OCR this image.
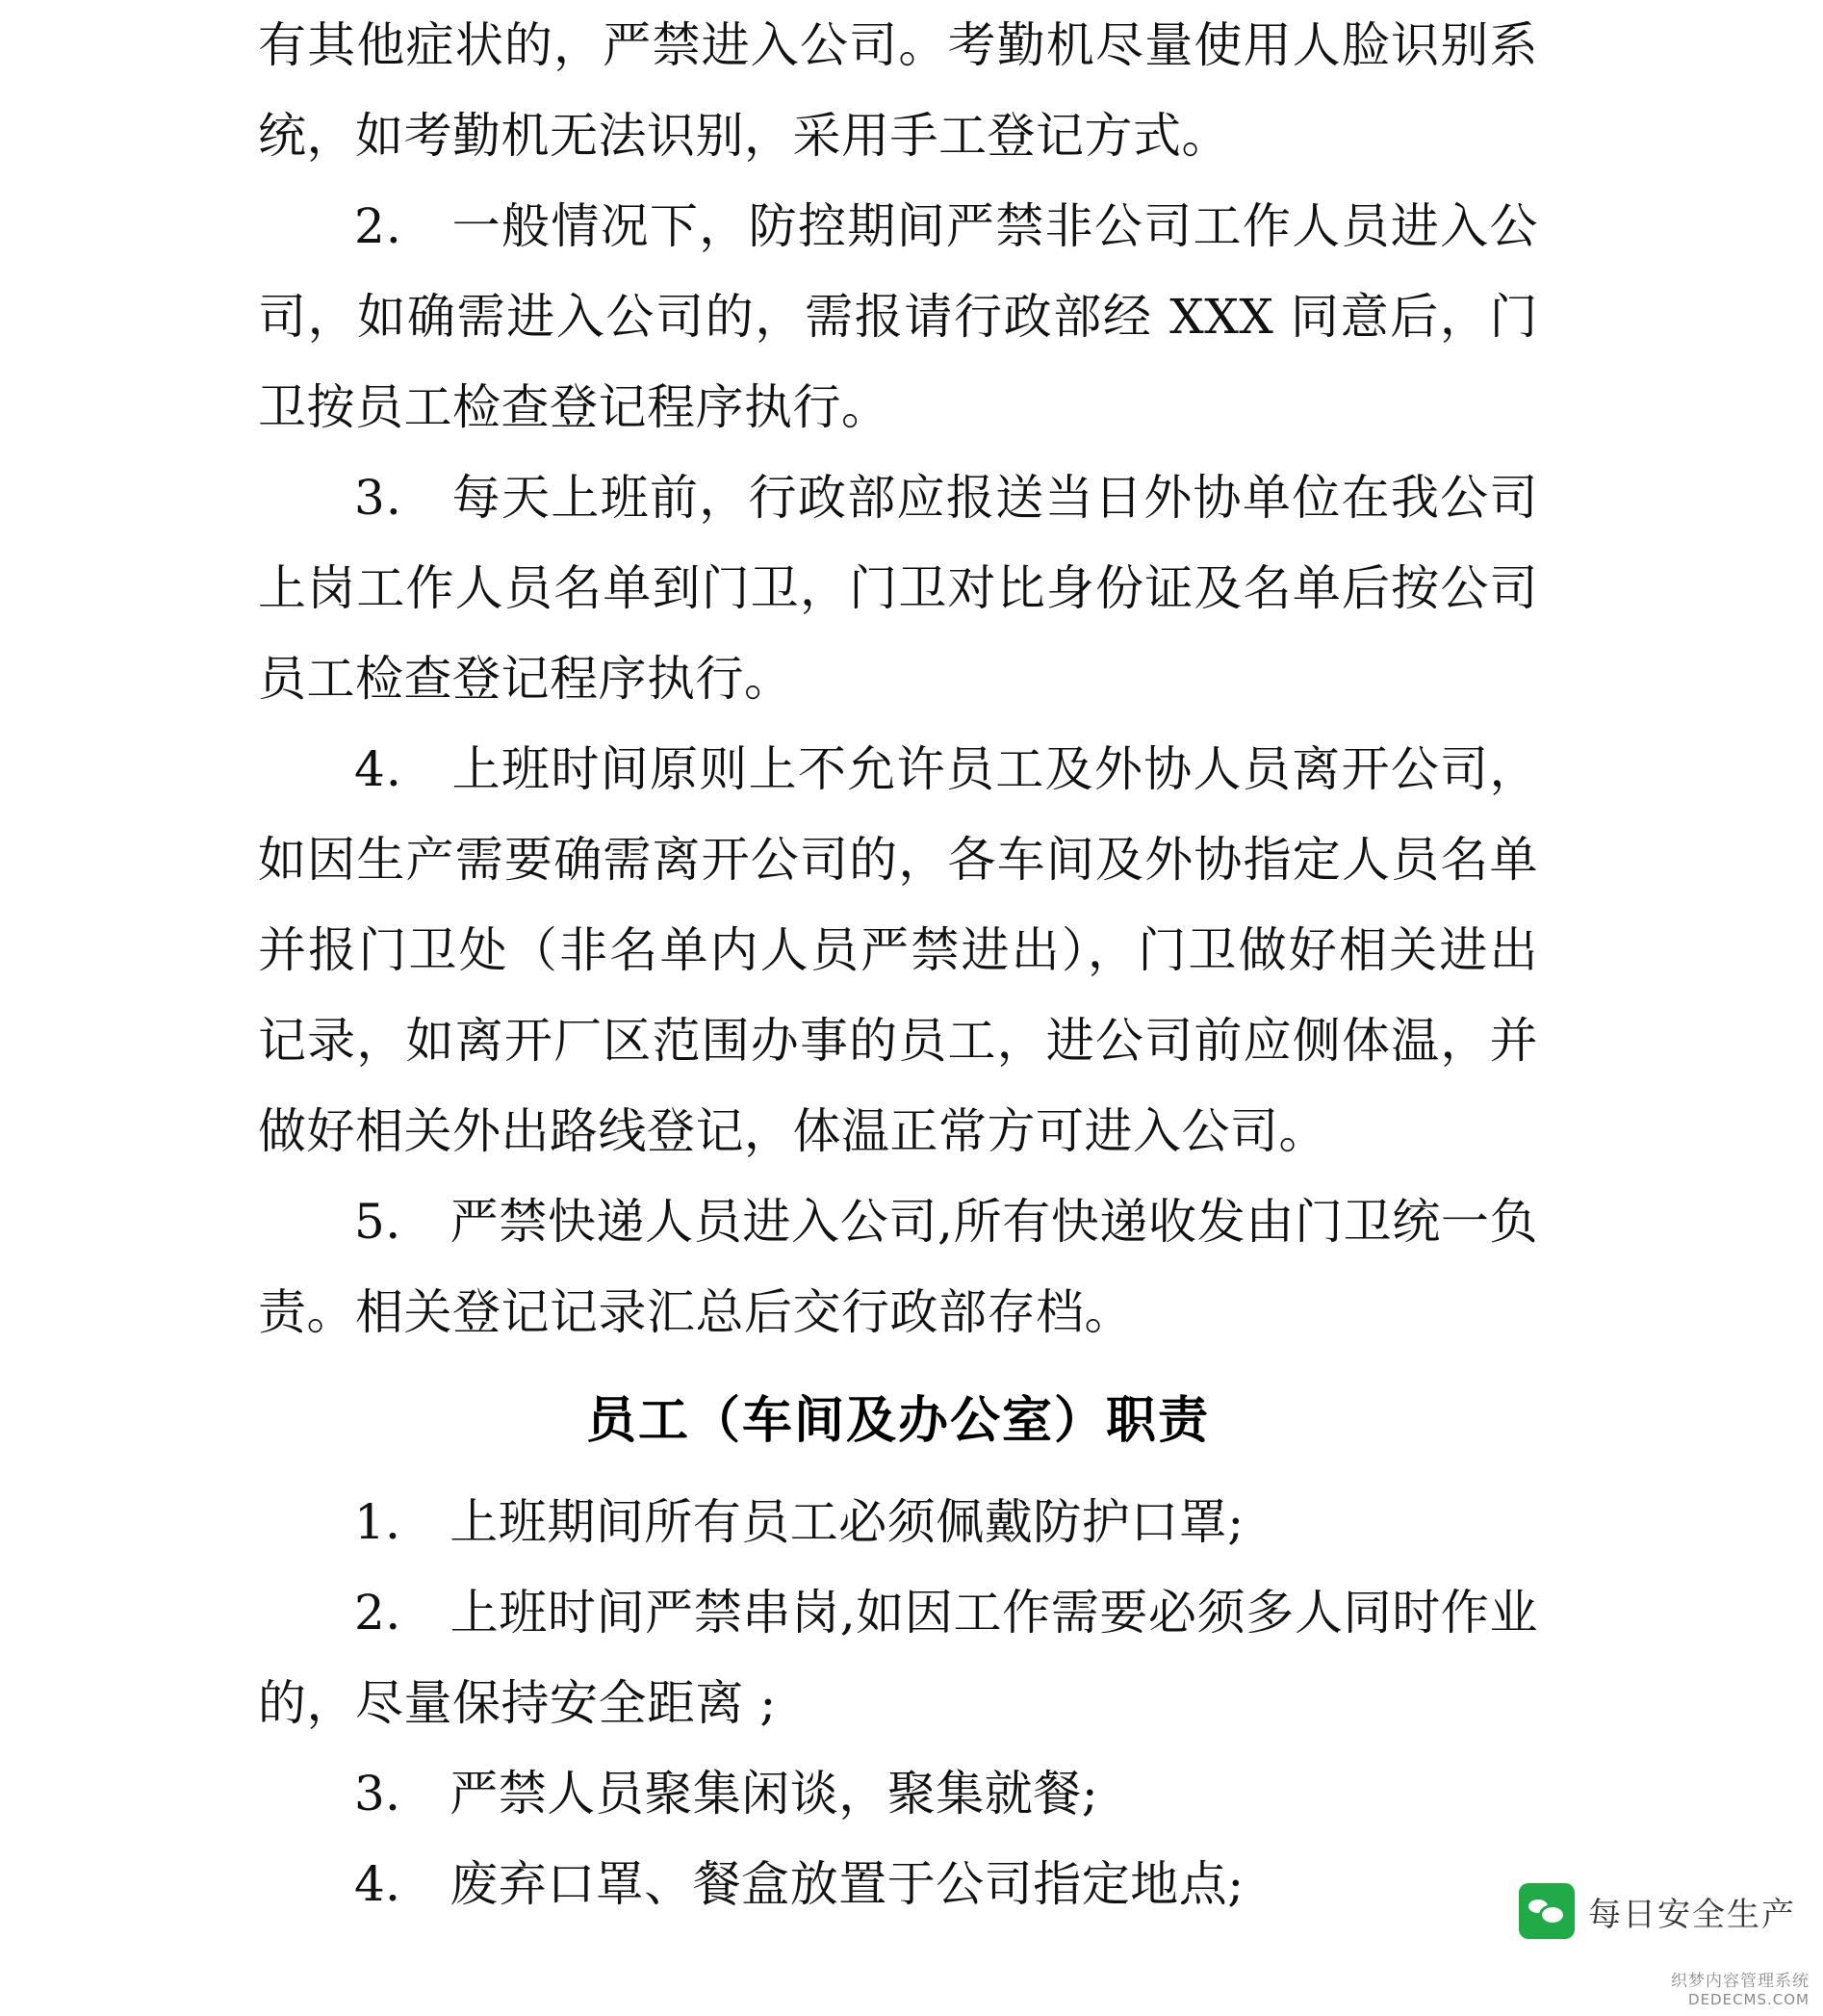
有其他症状的，严禁进入公司。考勤机尽量使用人脸识别系统，如考勤机无法识别，采用手工登记方式。

2． 一般情况下，防控期间严禁非公司工作人员进入公司，如确需进入公司的，需报请行政部经 XXX 同意后，门卫按员工检查登记程序执行。

3． 每天上班前，行政部应报送当日外协单位在我公司上岗工作人员名单到门卫，门卫对比身份证及名单后按公司员工检查登记程序执行。

4． 上班时间原则上不允许员工及外协人员离开公司，如因生产需要确需离开公司的，各车间及外协指定人员名单并报门卫处（非名单内人员严禁进出），门卫做好相关进出记录，如离开厂区范围办事的员工，进公司前应侧体温，并做好相关外出路线登记，体温正常方可进入公司。

5． 严禁快递人员进入公司,所有快递收发由门卫统一负责。相关登记记录汇总后交行政部存档。

员工（车间及办公室）职责

1． 上班期间所有员工必须佩戴防护口罩;

2． 上班时间严禁串岗,如因工作需要必须多人同时作业的，尽量保持安全距离 ;

3． 严禁人员聚集闲谈，聚集就餐;

4． 废弃口罩、餐盒放置于公司指定地点;

每日安全生产
织梦内容管理系统
DEDECMS.COM
